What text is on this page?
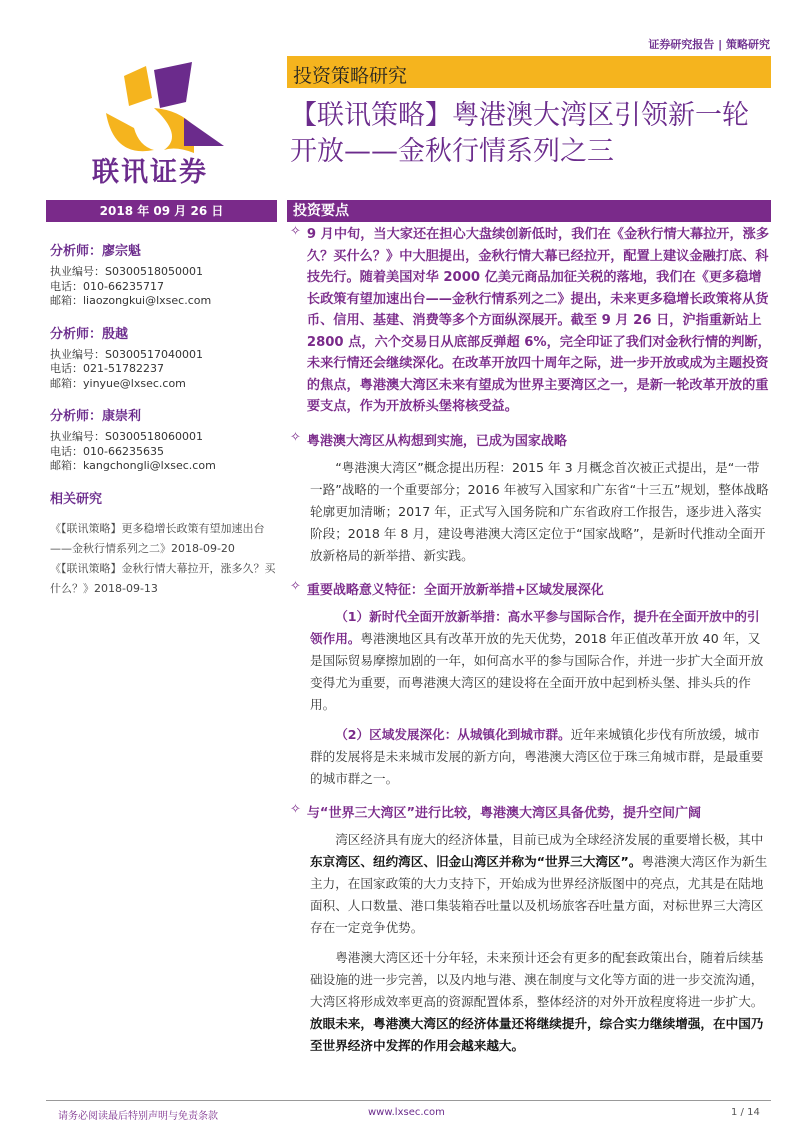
证券研究报告 | 策略研究
联讯证券
投资策略研究
【联讯策略】粤港澳大湾区引领新一轮开放——金秋行情系列之三
2018 年 09 月 26 日	投资要点
分析师：廖宗魁
执业编号：S0300518050001
电话：010-66235717
邮箱：liaozongkui@lxsec.com
分析师：殷越
执业编号：S0300517040001
电话：021-51782237
邮箱：yinyue@lxsec.com
分析师：康崇利
执业编号：S0300518060001
电话：010-66235635
邮箱：kangchongli@lxsec.com
相关研究
《【联讯策略】更多稳增长政策有望加速出台——金秋行情系列之二》2018-09-20
《【联讯策略】金秋行情大幕拉开，涨多久？买什么？》2018-09-13
✧ 9 月中旬，当大家还在担心大盘续创新低时，我们在《金秋行情大幕拉开，涨多久？买什么？》中大胆提出，金秋行情大幕已经拉开，配置上建议金融打底、科技先行。随着美国对华 2000 亿美元商品加征关税的落地，我们在《更多稳增长政策有望加速出台——金秋行情系列之二》提出，未来更多稳增长政策将从货币、信用、基建、消费等多个方面纵深展开。截至 9 月 26 日，沪指重新站上 2800 点，六个交易日从底部反弹超 6%，完全印证了我们对金秋行情的判断，未来行情还会继续深化。在改革开放四十周年之际，进一步开放或成为主题投资的焦点，粤港澳大湾区未来有望成为世界主要湾区之一，是新一轮改革开放的重要支点，作为开放桥头堡将核受益。
✧ 粤港澳大湾区从构想到实施，已成为国家战略
“粤港澳大湾区”概念提出历程：2015 年 3 月概念首次被正式提出，是“一带一路”战略的一个重要部分；2016 年被写入国家和广东省“十三五”规划，整体战略轮廓更加清晰；2017 年，正式写入国务院和广东省政府工作报告，逐步进入落实阶段；2018 年 8 月，建设粤港澳大湾区定位于“国家战略”，是新时代推动全面开放新格局的新举措、新实践。
✧ 重要战略意义特征：全面开放新举措+区域发展深化
（1）新时代全面开放新举措：高水平参与国际合作，提升在全面开放中的引领作用。粤港澳地区具有改革开放的先天优势，2018 年正值改革开放 40 年，又是国际贸易摩擦加剧的一年，如何高水平的参与国际合作，并进一步扩大全面开放变得尤为重要，而粤港澳大湾区的建设将在全面开放中起到桥头堡、排头兵的作用。
（2）区域发展深化：从城镇化到城市群。近年来城镇化步伐有所放缓，城市群的发展将是未来城市发展的新方向，粤港澳大湾区位于珠三角城市群，是最重要的城市群之一。
✧ 与“世界三大湾区”进行比较，粤港澳大湾区具备优势，提升空间广阔
湾区经济具有庞大的经济体量，目前已成为全球经济发展的重要增长极，其中东京湾区、纽约湾区、旧金山湾区并称为“世界三大湾区”。粤港澳大湾区作为新生主力，在国家政策的大力支持下，开始成为世界经济版图中的亮点，尤其是在陆地面积、人口数量、港口集装箱吞吐量以及机场旅客吞吐量方面，对标世界三大湾区存在一定竞争优势。
粤港澳大湾区还十分年轻，未来预计还会有更多的配套政策出台，随着后续基础设施的进一步完善，以及内地与港、澳在制度与文化等方面的进一步交流沟通，大湾区将形成效率更高的资源配置体系，整体经济的对外开放程度将进一步扩大。放眼未来，粤港澳大湾区的经济体量还将继续提升，综合实力继续增强，在中国乃至世界经济中发挥的作用会越来越大。
请务必阅读最后特别声明与免责条款	www.lxsec.com	1 / 14
